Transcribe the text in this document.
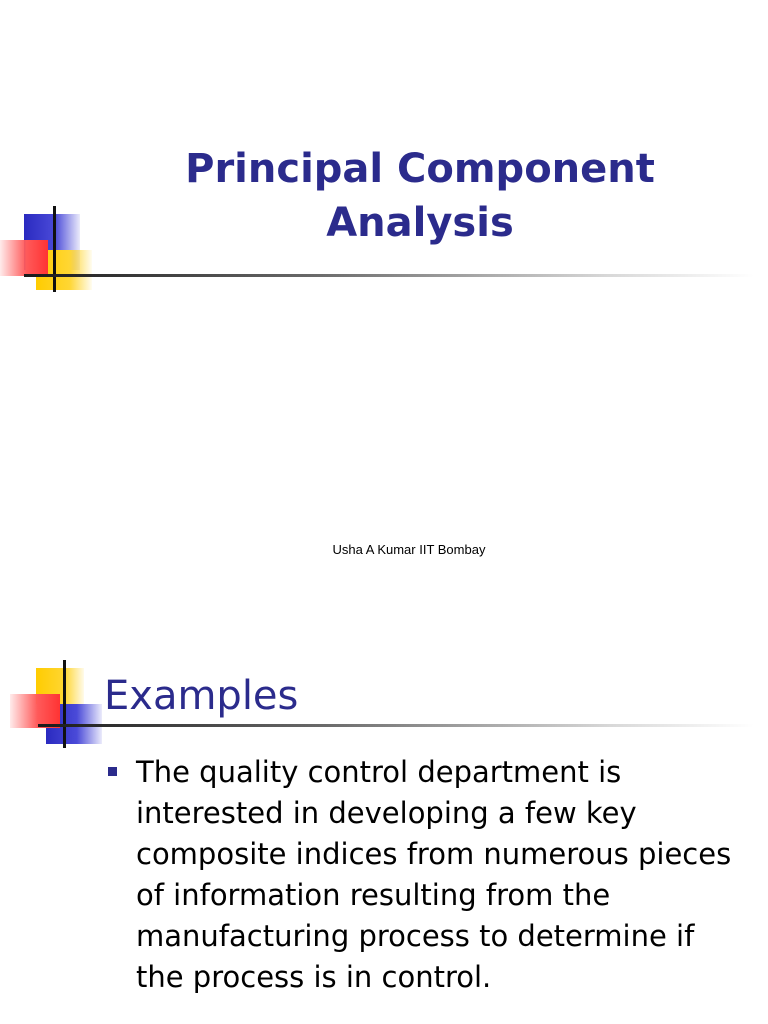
Principal Component Analysis
Usha A Kumar IIT Bombay
Examples
The quality control department is interested in developing a few key composite indices from numerous pieces of information resulting from the manufacturing process to determine if the process is in control.
